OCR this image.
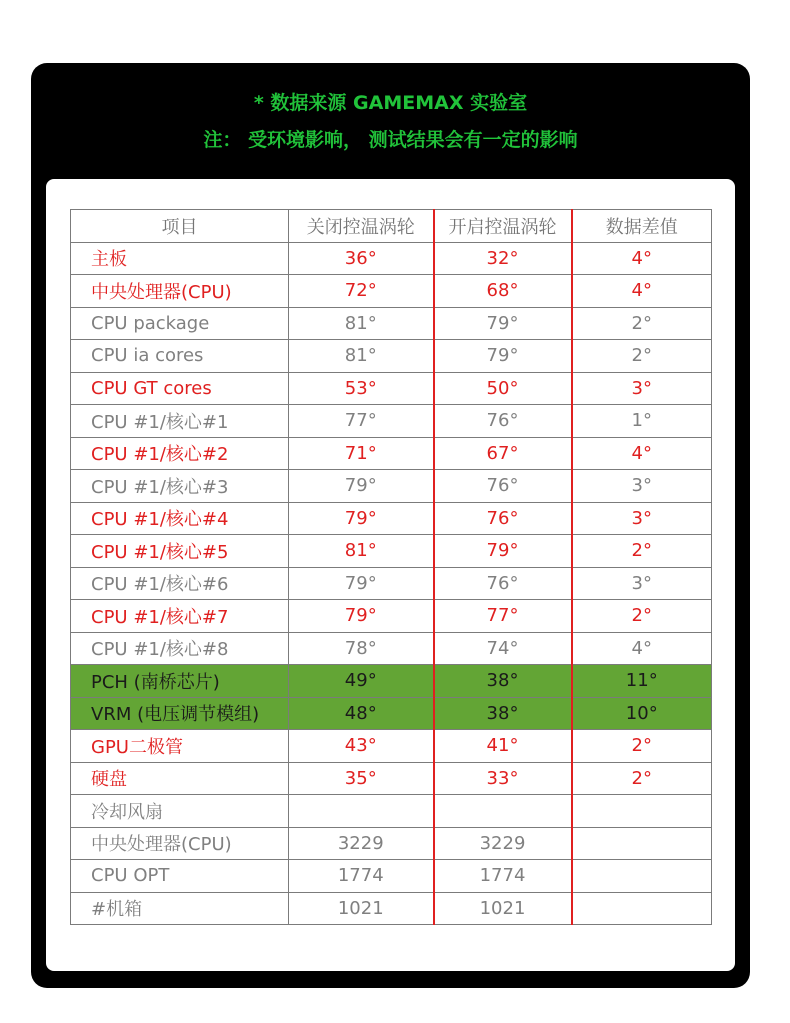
* 数据来源 GAMEMAX 实验室
注： 受环境影响， 测试结果会有一定的影响
项目	关闭控温涡轮	开启控温涡轮	数据差值
主板	36°	32°	4°
中央处理器(CPU)	72°	68°	4°
CPU package	81°	79°	2°
CPU ia cores	81°	79°	2°
CPU GT cores	53°	50°	3°
CPU #1/核心#1	77°	76°	1°
CPU #1/核心#2	71°	67°	4°
CPU #1/核心#3	79°	76°	3°
CPU #1/核心#4	79°	76°	3°
CPU #1/核心#5	81°	79°	2°
CPU #1/核心#6	79°	76°	3°
CPU #1/核心#7	79°	77°	2°
CPU #1/核心#8	78°	74°	4°
PCH (南桥芯片)	49°	38°	11°
VRM (电压调节模组)	48°	38°	10°
GPU二极管	43°	41°	2°
硬盘	35°	33°	2°
冷却风扇			
中央处理器(CPU)	3229	3229	
CPU OPT	1774	1774	
#机箱	1021	1021	
